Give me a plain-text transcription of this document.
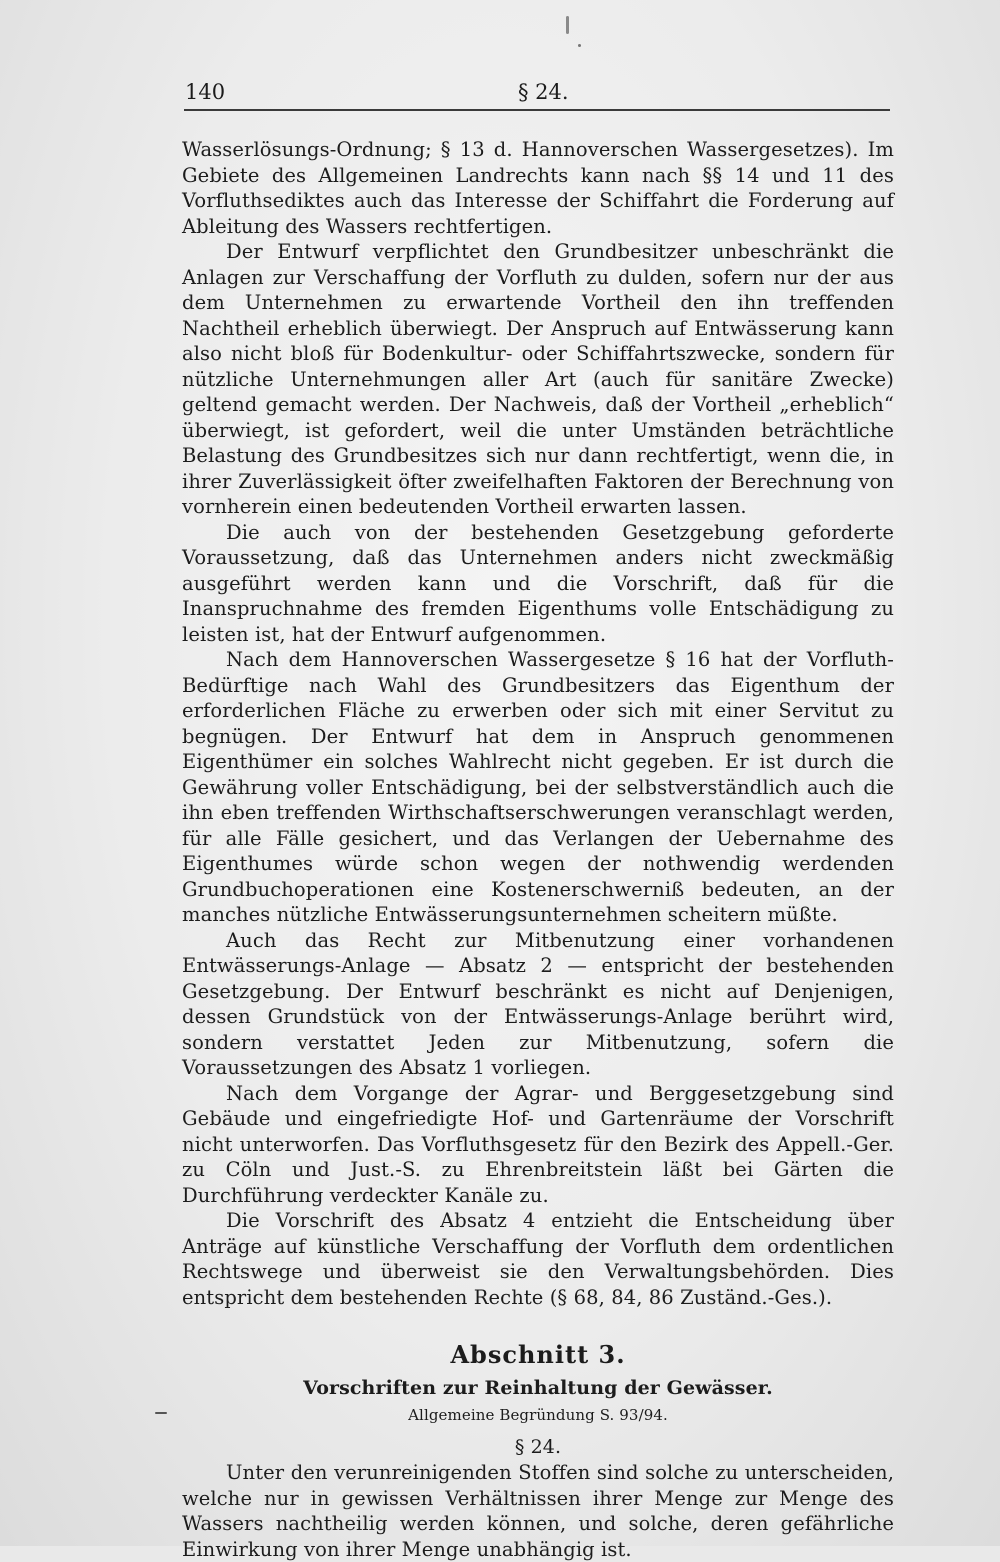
140	§ 24.

Wasserlösungs-Ordnung; § 13 d. Hannoverschen Wassergesetzes). Im Gebiete des Allgemeinen Landrechts kann nach §§ 14 und 11 des Vorfluthsediktes auch das Interesse der Schiffahrt die Forderung auf Ableitung des Wassers rechtfertigen.

Der Entwurf verpflichtet den Grundbesitzer unbeschränkt die Anlagen zur Verschaffung der Vorfluth zu dulden, sofern nur der aus dem Unternehmen zu erwartende Vortheil den ihn treffenden Nachtheil erheblich überwiegt. Der Anspruch auf Entwässerung kann also nicht bloß für Bodenkultur- oder Schiffahrtszwecke, sondern für nützliche Unternehmungen aller Art (auch für sanitäre Zwecke) geltend gemacht werden. Der Nachweis, daß der Vortheil „erheblich“ überwiegt, ist gefordert, weil die unter Umständen beträchtliche Belastung des Grundbesitzes sich nur dann rechtfertigt, wenn die, in ihrer Zuverlässigkeit öfter zweifelhaften Faktoren der Berechnung von vornherein einen bedeutenden Vortheil erwarten lassen.

Die auch von der bestehenden Gesetzgebung geforderte Voraussetzung, daß das Unternehmen anders nicht zweckmäßig ausgeführt werden kann und die Vorschrift, daß für die Inanspruchnahme des fremden Eigenthums volle Entschädigung zu leisten ist, hat der Entwurf aufgenommen.

Nach dem Hannoverschen Wassergesetze § 16 hat der Vorfluth-Bedürftige nach Wahl des Grundbesitzers das Eigenthum der erforderlichen Fläche zu erwerben oder sich mit einer Servitut zu begnügen. Der Entwurf hat dem in Anspruch genommenen Eigenthümer ein solches Wahlrecht nicht gegeben. Er ist durch die Gewährung voller Entschädigung, bei der selbstverständlich auch die ihn eben treffenden Wirthschaftserschwerungen veranschlagt werden, für alle Fälle gesichert, und das Verlangen der Uebernahme des Eigenthumes würde schon wegen der nothwendig werdenden Grundbuchoperationen eine Kostenerschwerniß bedeuten, an der manches nützliche Entwässerungsunternehmen scheitern müßte.

Auch das Recht zur Mitbenutzung einer vorhandenen Entwässerungs-Anlage — Absatz 2 — entspricht der bestehenden Gesetzgebung. Der Entwurf beschränkt es nicht auf Denjenigen, dessen Grundstück von der Entwässerungs-Anlage berührt wird, sondern verstattet Jeden zur Mitbenutzung, sofern die Voraussetzungen des Absatz 1 vorliegen.

Nach dem Vorgange der Agrar- und Berggesetzgebung sind Gebäude und eingefriedigte Hof- und Gartenräume der Vorschrift nicht unterworfen. Das Vorfluthsgesetz für den Bezirk des Appell.-Ger. zu Cöln und Just.-S. zu Ehrenbreitstein läßt bei Gärten die Durchführung verdeckter Kanäle zu.

Die Vorschrift des Absatz 4 entzieht die Entscheidung über Anträge auf künstliche Verschaffung der Vorfluth dem ordentlichen Rechtswege und überweist sie den Verwaltungsbehörden. Dies entspricht dem bestehenden Rechte (§ 68, 84, 86 Zuständ.-Ges.).

Abschnitt 3.
Vorschriften zur Reinhaltung der Gewässer.
Allgemeine Begründung S. 93/94.
§ 24.

Unter den verunreinigenden Stoffen sind solche zu unterscheiden, welche nur in gewissen Verhältnissen ihrer Menge zur Menge des Wassers nachtheilig werden können, und solche, deren gefährliche Einwirkung von ihrer Menge unabhängig ist.
